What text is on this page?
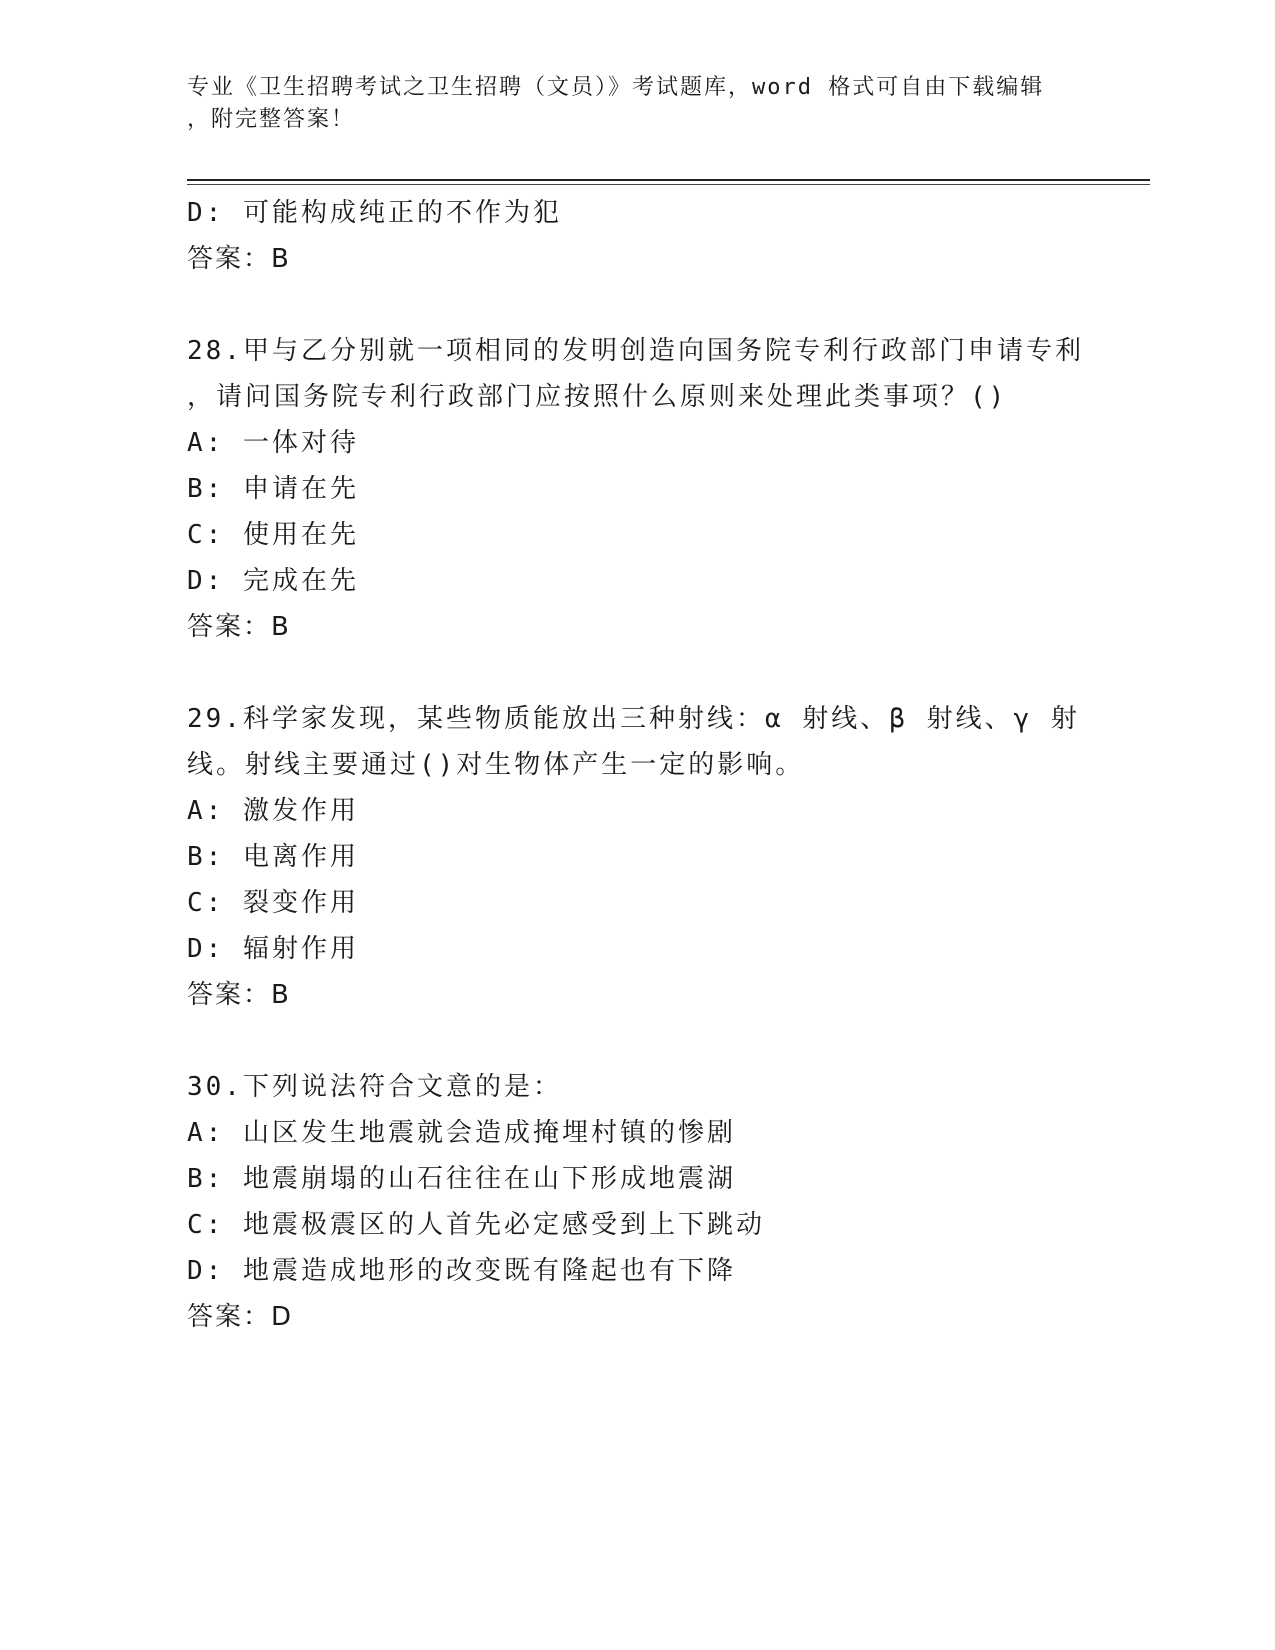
专业《卫生招聘考试之卫生招聘（文员）》考试题库，word 格式可自由下载编辑
，附完整答案！
D: 可能构成纯正的不作为犯
答案：B
28.甲与乙分别就一项相同的发明创造向国务院专利行政部门申请专利
，请问国务院专利行政部门应按照什么原则来处理此类事项？()
A: 一体对待
B: 申请在先
C: 使用在先
D: 完成在先
答案：B
29.科学家发现，某些物质能放出三种射线：α 射线、β 射线、γ 射
线。射线主要通过()对生物体产生一定的影响。
A: 激发作用
B: 电离作用
C: 裂变作用
D: 辐射作用
答案：B
30.下列说法符合文意的是：
A: 山区发生地震就会造成掩埋村镇的惨剧
B: 地震崩塌的山石往往在山下形成地震湖
C: 地震极震区的人首先必定感受到上下跳动
D: 地震造成地形的改变既有隆起也有下降
答案：D
